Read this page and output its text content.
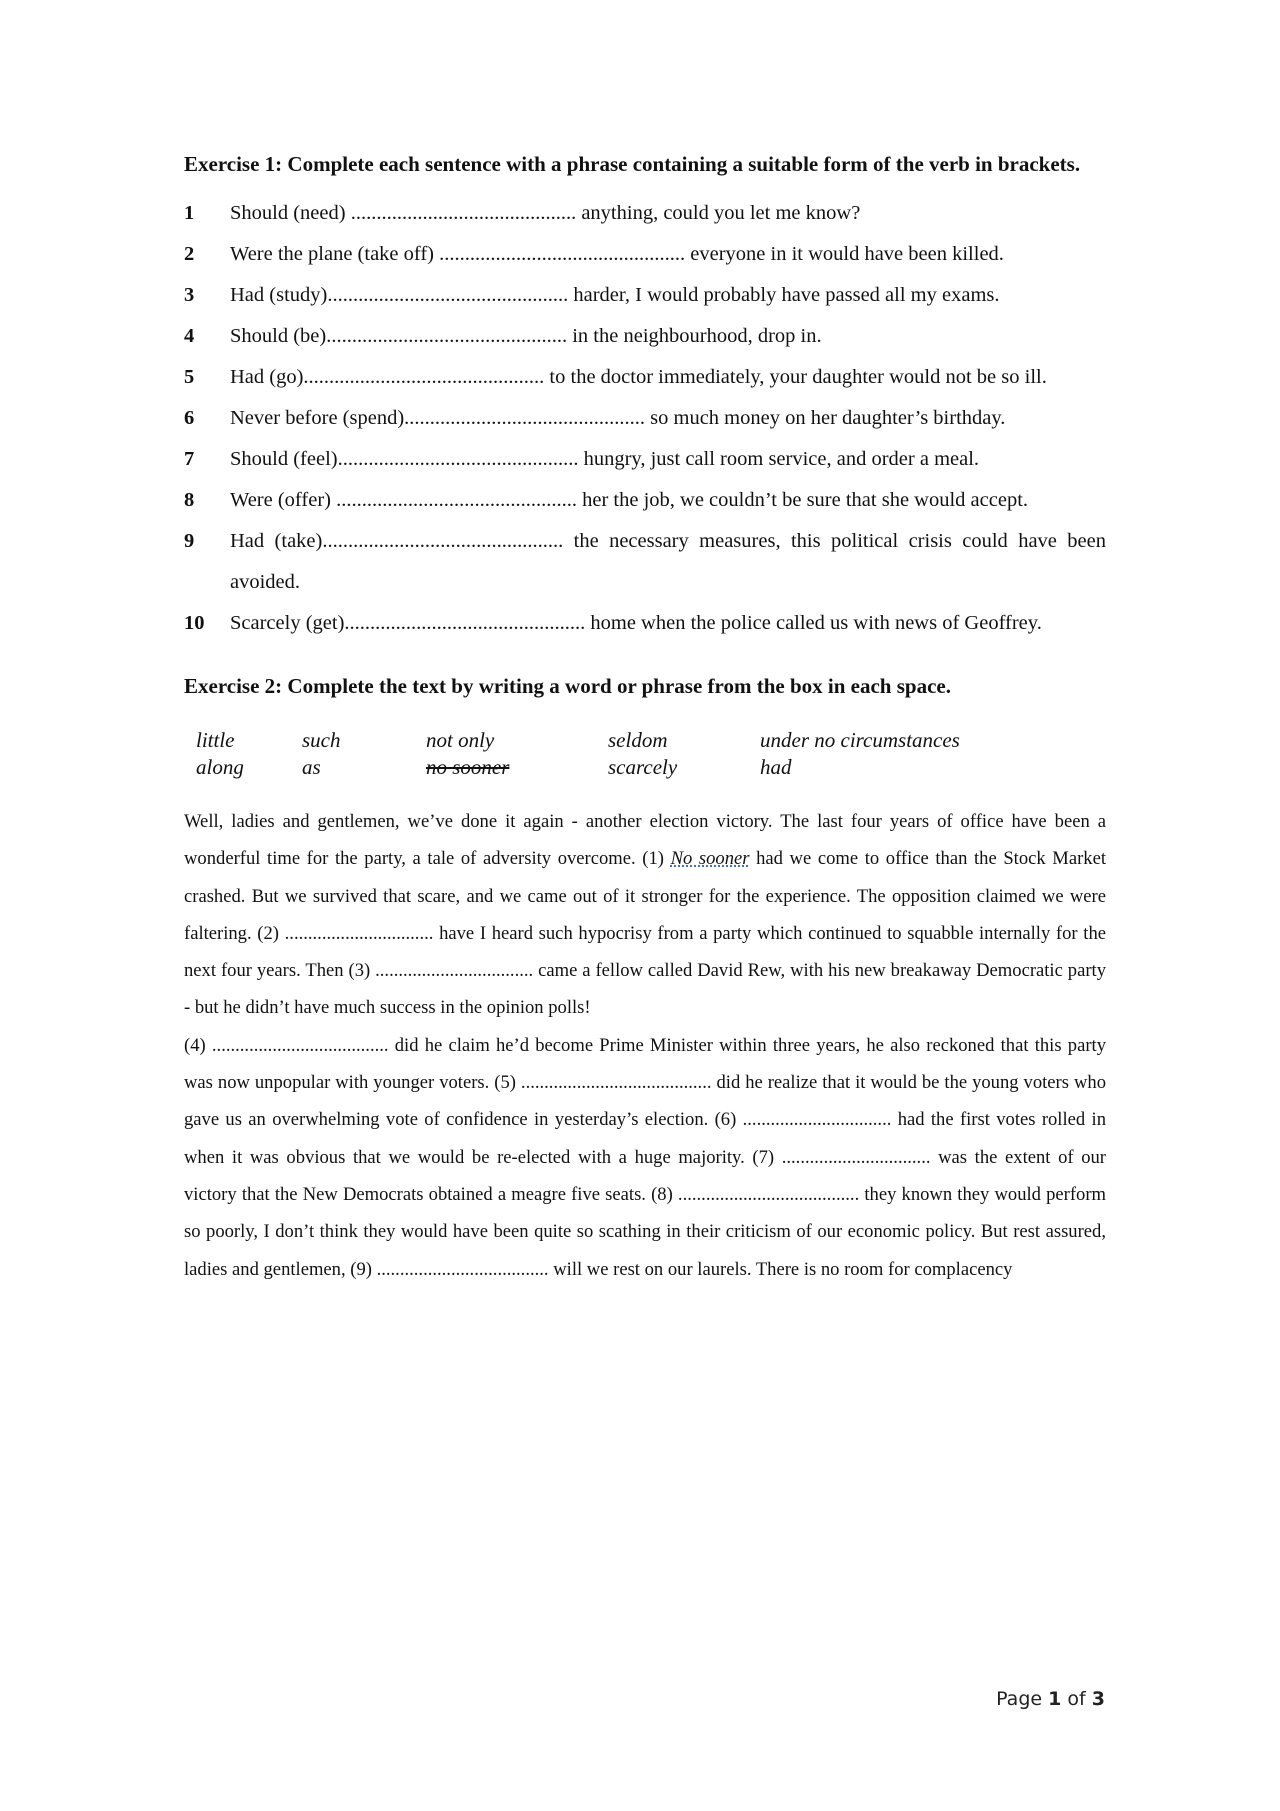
Exercise 1: Complete each sentence with a phrase containing a suitable form of the verb in brackets.

1	Should (need) ............................................ anything, could you let me know?
2	Were the plane (take off) ................................................ everyone in it would have been killed.
3	Had (study)............................................... harder, I would probably have passed all my exams.
4	Should (be)............................................... in the neighbourhood, drop in.
5	Had (go)............................................... to the doctor immediately, your daughter would not be so ill.
6	Never before (spend)............................................... so much money on her daughter’s birthday.
7	Should (feel)............................................... hungry, just call room service, and order a meal.
8	Were (offer) ............................................... her the job, we couldn’t be sure that she would accept.
9	Had (take)............................................... the necessary measures, this political crisis could have been avoided.
10	Scarcely (get)............................................... home when the police called us with news of Geoffrey.

Exercise 2: Complete the text by writing a word or phrase from the box in each space.

little	such	not only	seldom	under no circumstances
along	as	no sooner	scarcely	had

Well, ladies and gentlemen, we’ve done it again - another election victory. The last four years of office have been a wonderful time for the party, a tale of adversity overcome. (1) No sooner had we come to office than the Stock Market crashed. But we survived that scare, and we came out of it stronger for the experience. The opposition claimed we were faltering. (2) ................................ have I heard such hypocrisy from a party which continued to squabble internally for the next four years. Then (3) .................................. came a fellow called David Rew, with his new breakaway Democratic party - but he didn’t have much success in the opinion polls!

(4) ...................................... did he claim he’d become Prime Minister within three years, he also reckoned that this party was now unpopular with younger voters. (5) ......................................... did he realize that it would be the young voters who gave us an overwhelming vote of confidence in yesterday’s election. (6) ................................ had the first votes rolled in when it was obvious that we would be re-elected with a huge majority. (7) ................................ was the extent of our victory that the New Democrats obtained a meagre five seats. (8) ....................................... they known they would perform so poorly, I don’t think they would have been quite so scathing in their criticism of our economic policy. But rest assured, ladies and gentlemen, (9) ..................................... will we rest on our laurels. There is no room for complacency

Page 1 of 3
